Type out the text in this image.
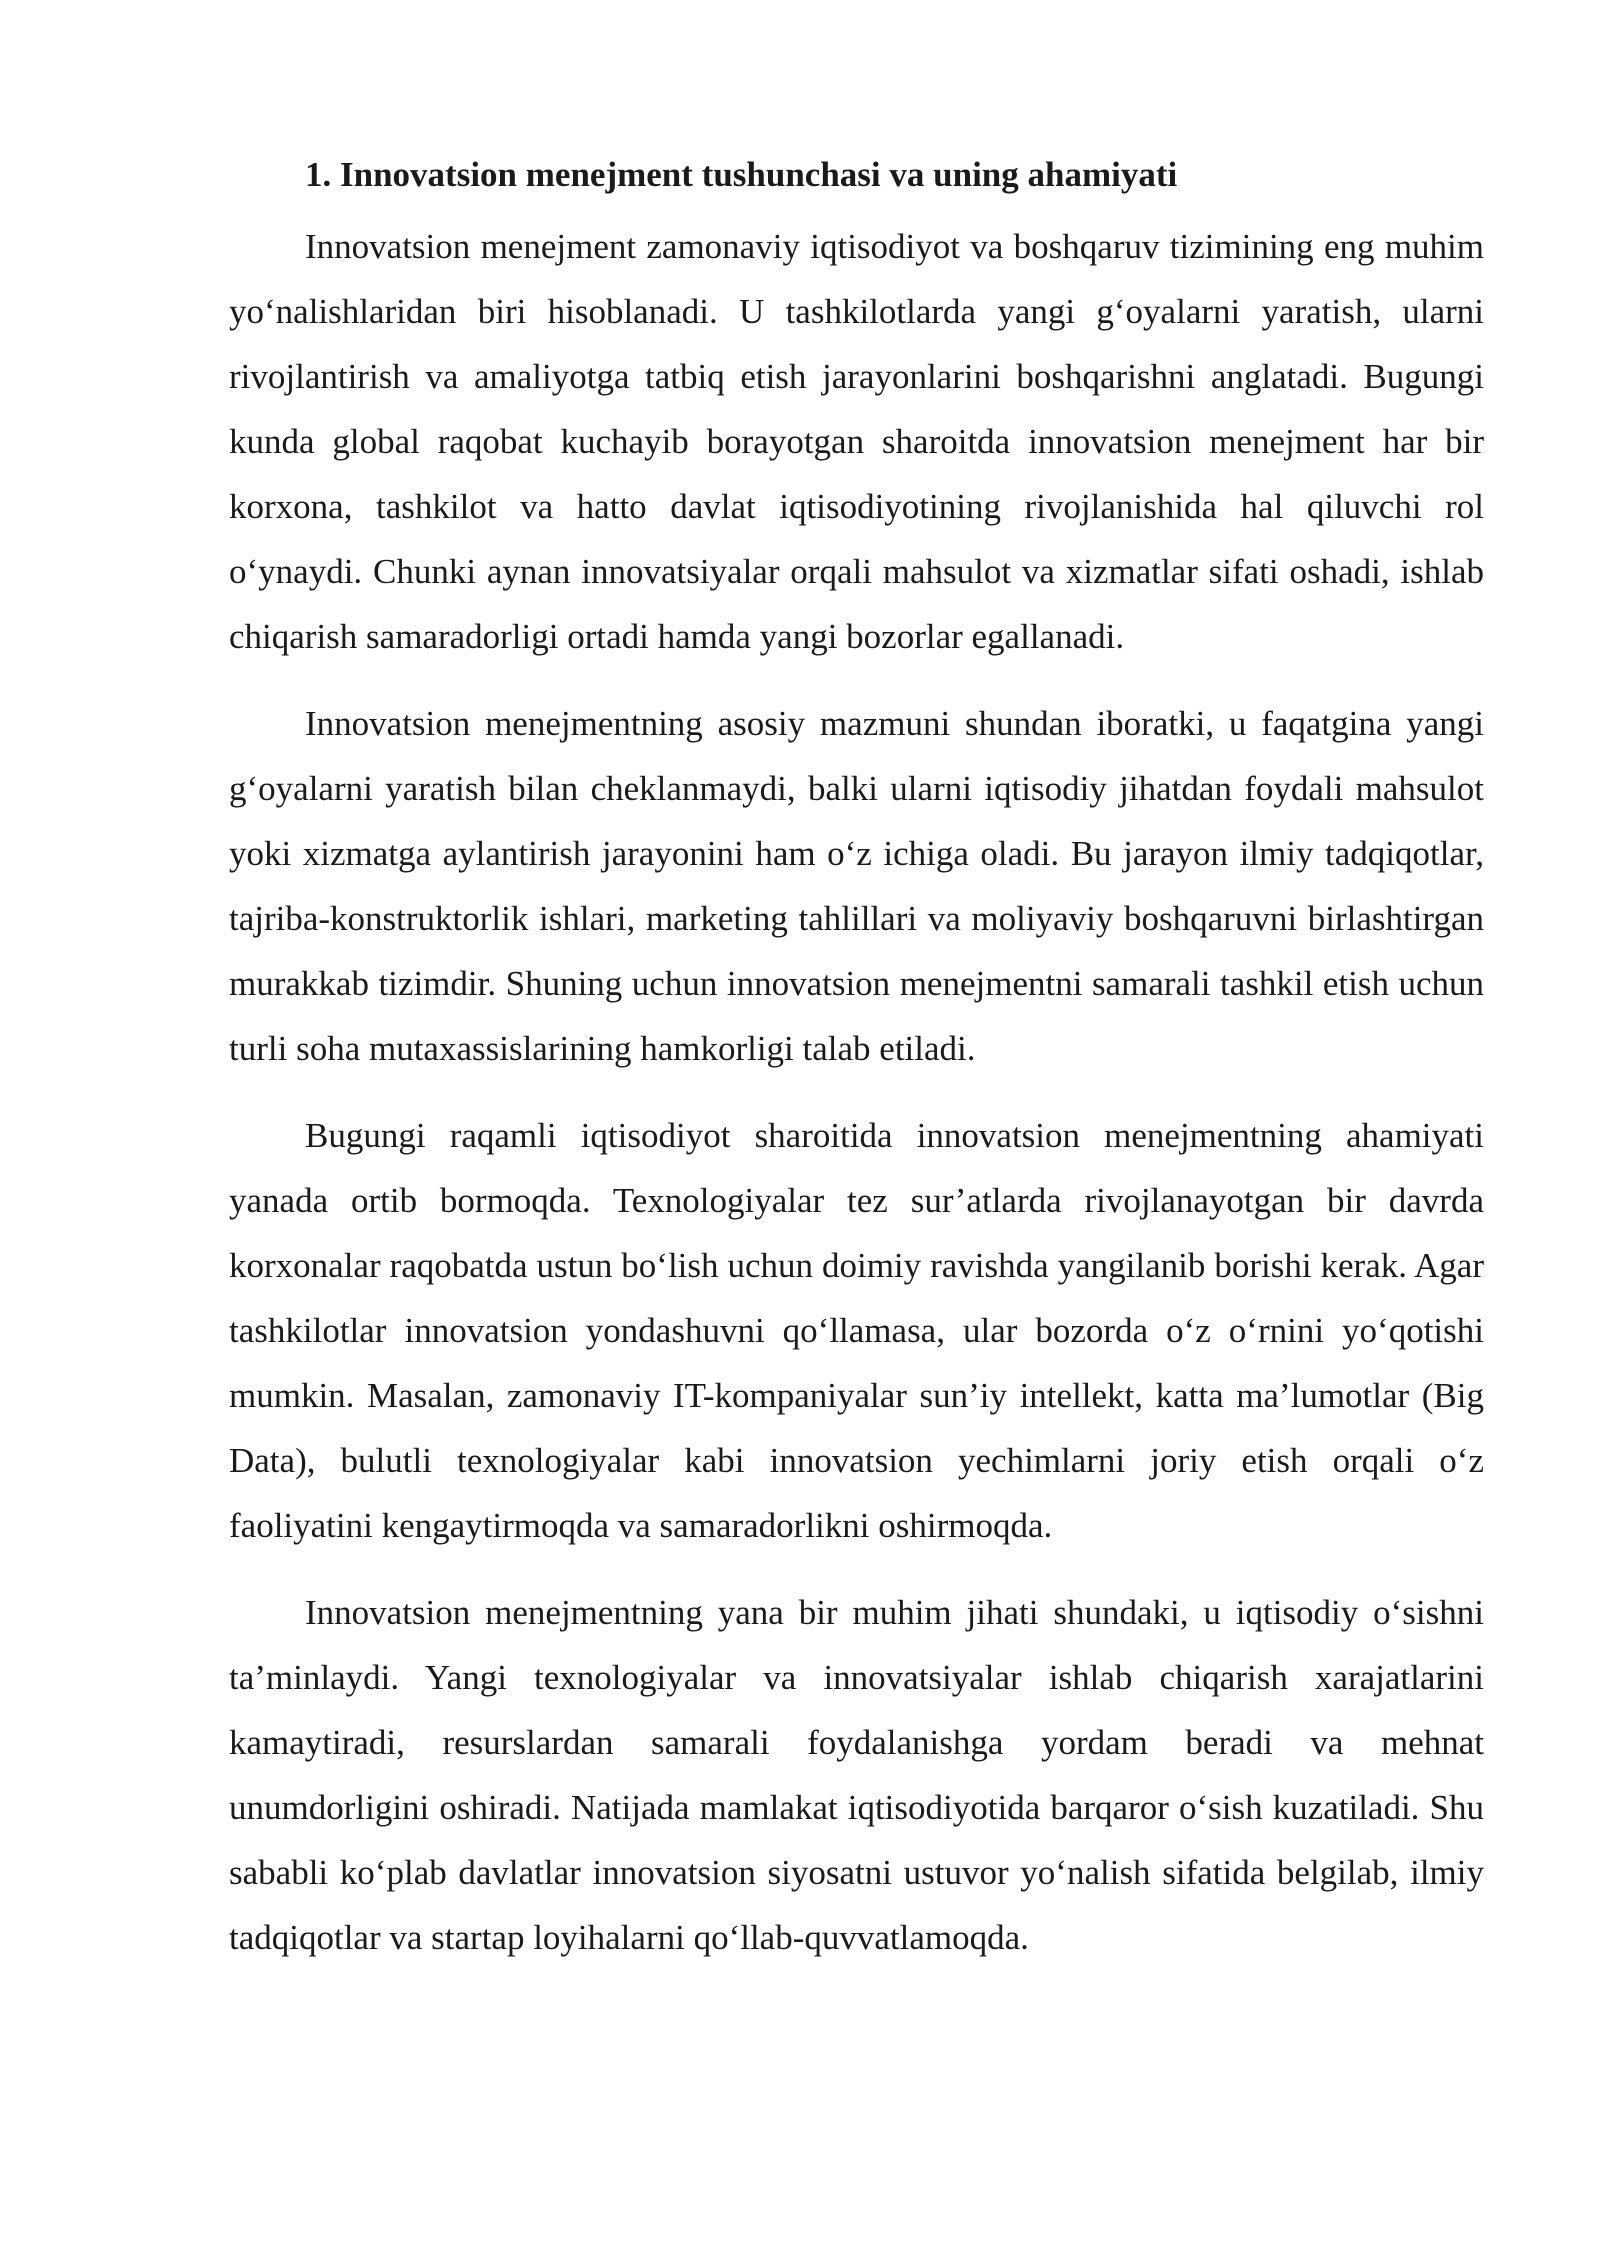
1. Innovatsion menejment tushunchasi va uning ahamiyati

Innovatsion menejment zamonaviy iqtisodiyot va boshqaruv tizimining eng muhim yo‘nalishlaridan biri hisoblanadi. U tashkilotlarda yangi g‘oyalarni yaratish, ularni rivojlantirish va amaliyotga tatbiq etish jarayonlarini boshqarishni anglatadi. Bugungi kunda global raqobat kuchayib borayotgan sharoitda innovatsion menejment har bir korxona, tashkilot va hatto davlat iqtisodiyotining rivojlanishida hal qiluvchi rol o‘ynaydi. Chunki aynan innovatsiyalar orqali mahsulot va xizmatlar sifati oshadi, ishlab chiqarish samaradorligi ortadi hamda yangi bozorlar egallanadi.

Innovatsion menejmentning asosiy mazmuni shundan iboratki, u faqatgina yangi g‘oyalarni yaratish bilan cheklanmaydi, balki ularni iqtisodiy jihatdan foydali mahsulot yoki xizmatga aylantirish jarayonini ham o‘z ichiga oladi. Bu jarayon ilmiy tadqiqotlar, tajriba-konstruktorlik ishlari, marketing tahlillari va moliyaviy boshqaruvni birlashtirgan murakkab tizimdir. Shuning uchun innovatsion menejmentni samarali tashkil etish uchun turli soha mutaxassislarining hamkorligi talab etiladi.

Bugungi raqamli iqtisodiyot sharoitida innovatsion menejmentning ahamiyati yanada ortib bormoqda. Texnologiyalar tez sur’atlarda rivojlanayotgan bir davrda korxonalar raqobatda ustun bo‘lish uchun doimiy ravishda yangilanib borishi kerak. Agar tashkilotlar innovatsion yondashuvni qo‘llamasa, ular bozorda o‘z o‘rnini yo‘qotishi mumkin. Masalan, zamonaviy IT-kompaniyalar sun’iy intellekt, katta ma’lumotlar (Big Data), bulutli texnologiyalar kabi innovatsion yechimlarni joriy etish orqali o‘z faoliyatini kengaytirmoqda va samaradorlikni oshirmoqda.

Innovatsion menejmentning yana bir muhim jihati shundaki, u iqtisodiy o‘sishni ta’minlaydi. Yangi texnologiyalar va innovatsiyalar ishlab chiqarish xarajatlarini kamaytiradi, resurslardan samarali foydalanishga yordam beradi va mehnat unumdorligini oshiradi. Natijada mamlakat iqtisodiyotida barqaror o‘sish kuzatiladi. Shu sababli ko‘plab davlatlar innovatsion siyosatni ustuvor yo‘nalish sifatida belgilab, ilmiy tadqiqotlar va startap loyihalarni qo‘llab-quvvatlamoqda.
